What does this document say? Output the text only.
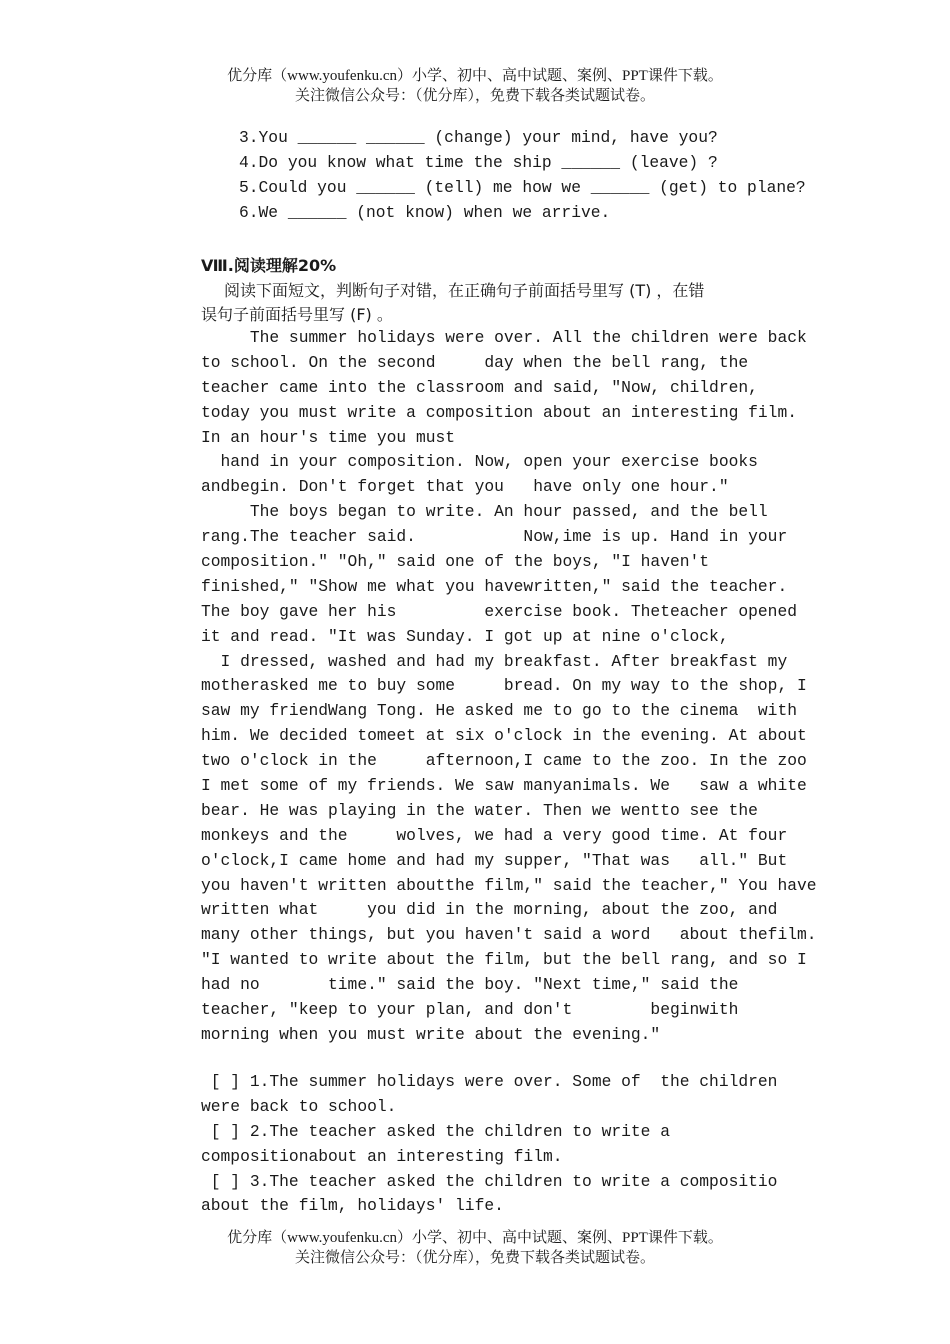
优分库（www.youfenku.cn）小学、初中、高中试题、案例、PPT课件下载。
关注微信公众号：（优分库），免费下载各类试题试卷。
3.You ______ ______ (change) your mind, have you?
4.Do you know what time the ship ______ (leave) ?
5.Could you ______ (tell) me how we ______ (get) to plane?
6.We ______ (not know) when we arrive.
Ⅷ.阅读理解20%
阅读下面短文，判断句子对错，在正确句子前面括号里写 (T) ，在错
误句子前面括号里写 (F) 。
The summer holidays were over. All the children were back
to school. On the second     day when the bell rang, the
teacher came into the classroom and said, "Now, children,
today you must write a composition about an interesting film.
In an hour's time you must
hand in your composition. Now, open your exercise books
andbegin. Don't forget that you   have only one hour."
The boys began to write. An hour passed, and the bell
rang.The teacher said.           Now,ime is up. Hand in your
composition." "Oh," said one of the boys, "I haven't
finished," "Show me what you havewritten," said the teacher.
The boy gave her his         exercise book. Theteacher opened
it and read. "It was Sunday. I got up at nine o'clock,
I dressed, washed and had my breakfast. After breakfast my
motherasked me to buy some     bread. On my way to the shop, I
saw my friendWang Tong. He asked me to go to the cinema  with
him. We decided tomeet at six o'clock in the evening. At about
two o'clock in the     afternoon,I came to the zoo. In the zoo
I met some of my friends. We saw manyanimals. We   saw a white
bear. He was playing in the water. Then we wentto see the
monkeys and the     wolves, we had a very good time. At four
o'clock,I came home and had my supper, "That was   all." But
you haven't written aboutthe film," said the teacher," You have
written what     you did in the morning, about the zoo, and
many other things, but you haven't said a word   about thefilm.
"I wanted to write about the film, but the bell rang, and so I
had no       time." said the boy. "Next time," said the
teacher, "keep to your plan, and don't        beginwith
morning when you must write about the evening."
[ ] 1.The summer holidays were over. Some of  the children
were back to school.
[ ] 2.The teacher asked the children to write a
compositionabout an interesting film.
[ ] 3.The teacher asked the children to write a compositio
about the film, holidays' life.
优分库（www.youfenku.cn）小学、初中、高中试题、案例、PPT课件下载。
关注微信公众号：（优分库），免费下载各类试题试卷。
